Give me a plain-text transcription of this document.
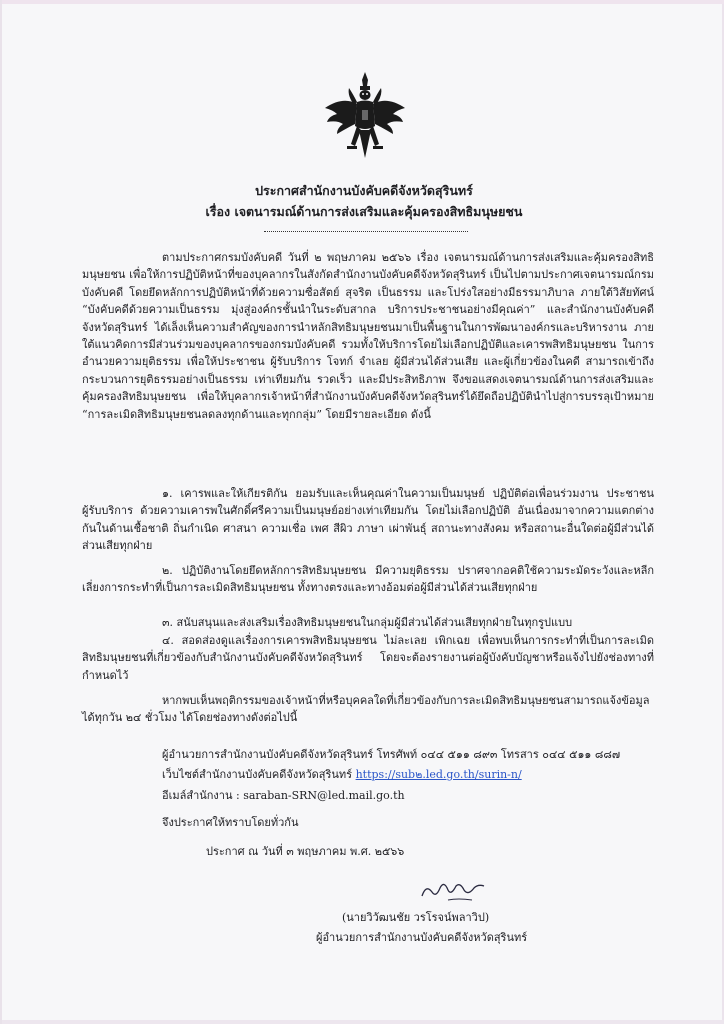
ประกาศสำนักงานบังคับคดีจังหวัดสุรินทร์
เรื่อง เจตนารมณ์ด้านการส่งเสริมและคุ้มครองสิทธิมนุษยชน

ตามประกาศกรมบังคับคดี วันที่ ๒ พฤษภาคม ๒๕๖๖ เรื่อง เจตนารมณ์ด้านการส่งเสริมและคุ้มครองสิทธิมนุษยชน เพื่อให้การปฏิบัติหน้าที่ของบุคลากรในสังกัดสำนักงานบังคับคดีจังหวัดสุรินทร์ เป็นไปตามประกาศเจตนารมณ์กรมบังคับคดี โดยยึดหลักการปฏิบัติหน้าที่ด้วยความซื่อสัตย์ สุจริต เป็นธรรม และโปร่งใสอย่างมีธรรมาภิบาล ภายใต้วิสัยทัศน์ “บังคับคดีด้วยความเป็นธรรม มุ่งสู่องค์กรชั้นนำในระดับสากล บริการประชาชนอย่างมีคุณค่า” และสำนักงานบังคับคดีจังหวัดสุรินทร์ ได้เล็งเห็นความสำคัญของการนำหลักสิทธิมนุษยชนมาเป็นพื้นฐานในการพัฒนาองค์กรและบริหารงาน ภายใต้แนวคิดการมีส่วนร่วมของบุคลากรของกรมบังคับคดี รวมทั้งให้บริการโดยไม่เลือกปฏิบัติและเคารพสิทธิมนุษยชน ในการอำนวยความยุติธรรม เพื่อให้ประชาชน ผู้รับบริการ โจทก์ จำเลย ผู้มีส่วนได้ส่วนเสีย และผู้เกี่ยวข้องในคดี สามารถเข้าถึงกระบวนการยุติธรรมอย่างเป็นธรรม เท่าเทียมกัน รวดเร็ว และมีประสิทธิภาพ จึงขอแสดงเจตนารมณ์ด้านการส่งเสริมและคุ้มครองสิทธิมนุษยชน เพื่อให้บุคลากรเจ้าหน้าที่สำนักงานบังคับคดีจังหวัดสุรินทร์ได้ยึดถือปฏิบัตินำไปสู่การบรรลุเป้าหมาย “การละเมิดสิทธิมนุษยชนลดลงทุกด้านและทุกกลุ่ม” โดยมีรายละเอียด ดังนี้

๑. เคารพและให้เกียรติกัน ยอมรับและเห็นคุณค่าในความเป็นมนุษย์ ปฏิบัติต่อเพื่อนร่วมงาน ประชาชนผู้รับบริการ ด้วยความเคารพในศักดิ์ศรีความเป็นมนุษย์อย่างเท่าเทียมกัน โดยไม่เลือกปฏิบัติ อันเนื่องมาจากความแตกต่างกันในด้านเชื้อชาติ ถิ่นกำเนิด ศาสนา ความเชื่อ เพศ สีผิว ภาษา เผ่าพันธุ์ สถานะทางสังคม หรือสถานะอื่นใดต่อผู้มีส่วนได้ส่วนเสียทุกฝ่าย

๒. ปฏิบัติงานโดยยึดหลักการสิทธิมนุษยชน มีความยุติธรรม ปราศจากอคติใช้ความระมัดระวังและหลีกเลี่ยงการกระทำที่เป็นการละเมิดสิทธิมนุษยชน ทั้งทางตรงและทางอ้อมต่อผู้มีส่วนได้ส่วนเสียทุกฝ่าย

๓. สนับสนุนและส่งเสริมเรื่องสิทธิมนุษยชนในกลุ่มผู้มีส่วนได้ส่วนเสียทุกฝ่ายในทุกรูปแบบ

๔. สอดส่องดูแลเรื่องการเคารพสิทธิมนุษยชน ไม่ละเลย เพิกเฉย เพื่อพบเห็นการกระทำที่เป็นการละเมิดสิทธิมนุษยชนที่เกี่ยวข้องกับสำนักงานบังคับคดีจังหวัดสุรินทร์ โดยจะต้องรายงานต่อผู้บังคับบัญชาหรือแจ้งไปยังช่องทางที่กำหนดไว้

หากพบเห็นพฤติกรรมของเจ้าหน้าที่หรือบุคคลใดที่เกี่ยวข้องกับการละเมิดสิทธิมนุษยชนสามารถแจ้งข้อมูลได้ทุกวัน ๒๔ ชั่วโมง ได้โดยช่องทางดังต่อไปนี้

ผู้อำนวยการสำนักงานบังคับคดีจังหวัดสุรินทร์ โทรศัพท์ ๐๔๔ ๕๑๑ ๘๙๓ โทรสาร ๐๔๔ ๕๑๑ ๘๘๗
เว็บไซต์สำนักงานบังคับคดีจังหวัดสุรินทร์ https://sub๒.led.go.th/surin-n/
อีเมล์สำนักงาน : saraban-SRN@led.mail.go.th
จึงประกาศให้ทราบโดยทั่วกัน
ประกาศ ณ วันที่ ๓ พฤษภาคม พ.ศ. ๒๕๖๖
(นายวิวัฒนชัย วรโรจน์พลาวิป)
ผู้อำนวยการสำนักงานบังคับคดีจังหวัดสุรินทร์
